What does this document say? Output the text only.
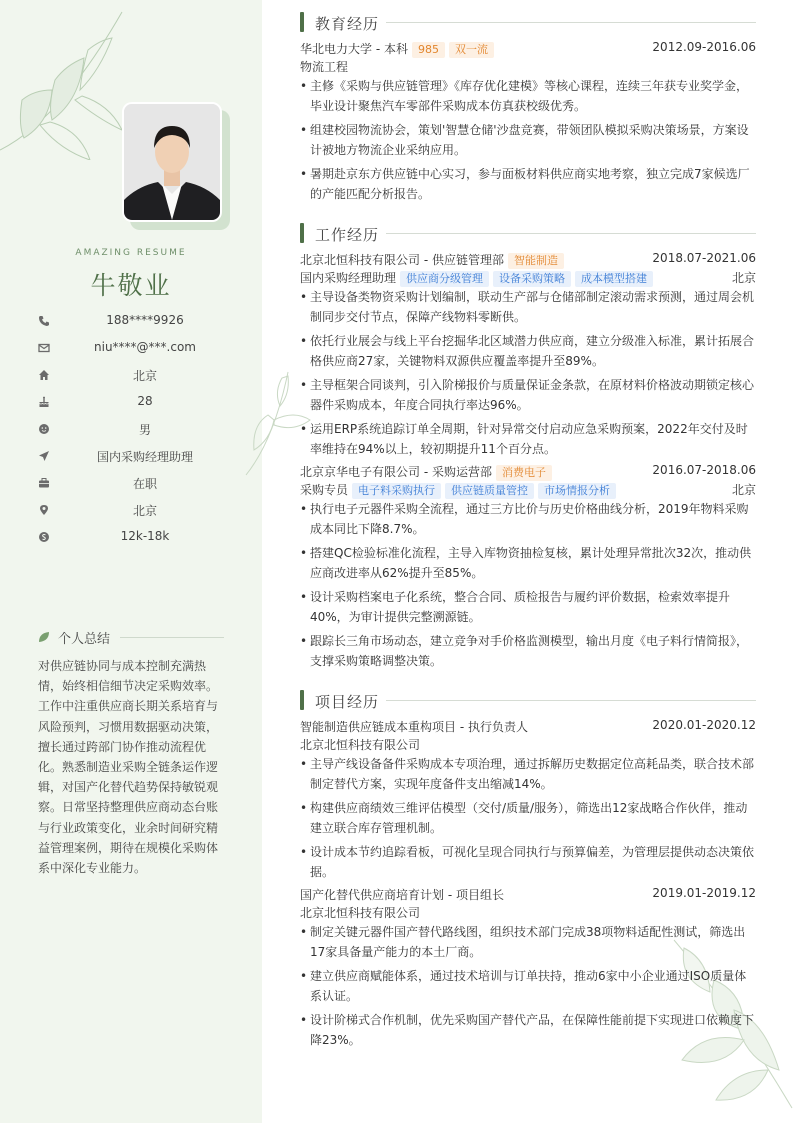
AMAZING RESUME
牛敬业
188****9926
niu****@***.com
北京
28
男
国内采购经理助理
在职
北京
12k-18k
个人总结
对供应链协同与成本控制充满热情，始终相信细节决定采购效率。工作中注重供应商长期关系培育与风险预判，习惯用数据驱动决策，擅长通过跨部门协作推动流程优化。熟悉制造业采购全链条运作逻辑，对国产化替代趋势保持敏锐观察。日常坚持整理供应商动态台账与行业政策变化，业余时间研究精益管理案例，期待在规模化采购体系中深化专业能力。
教育经历
华北电力大学 - 本科 985 双一流	2012.09-2016.06
物流工程
• 主修《采购与供应链管理》《库存优化建模》等核心课程，连续三年获专业奖学金，毕业设计聚焦汽车零部件采购成本仿真获校级优秀。
• 组建校园物流协会，策划'智慧仓储'沙盘竞赛，带领团队模拟采购决策场景，方案设计被地方物流企业采纳应用。
• 暑期赴京东方供应链中心实习，参与面板材料供应商实地考察，独立完成7家候选厂的产能匹配分析报告。
工作经历
北京北恒科技有限公司 - 供应链管理部 智能制造	2018.07-2021.06
国内采购经理助理 供应商分级管理 设备采购策略 成本模型搭建	北京
• 主导设备类物资采购计划编制，联动生产部与仓储部制定滚动需求预测，通过周会机制同步交付节点，保障产线物料零断供。
• 依托行业展会与线上平台挖掘华北区域潜力供应商，建立分级准入标准，累计拓展合格供应商27家，关键物料双源供应覆盖率提升至89%。
• 主导框架合同谈判，引入阶梯报价与质量保证金条款，在原材料价格波动期锁定核心器件采购成本，年度合同执行率达96%。
• 运用ERP系统追踪订单全周期，针对异常交付启动应急采购预案，2022年交付及时率维持在94%以上，较初期提升11个百分点。
北京京华电子有限公司 - 采购运营部 消费电子	2016.07-2018.06
采购专员 电子料采购执行 供应链质量管控 市场情报分析	北京
• 执行电子元器件采购全流程，通过三方比价与历史价格曲线分析，2019年物料采购成本同比下降8.7%。
• 搭建QC检验标准化流程，主导入库物资抽检复核，累计处理异常批次32次，推动供应商改进率从62%提升至85%。
• 设计采购档案电子化系统，整合合同、质检报告与履约评价数据，检索效率提升40%，为审计提供完整溯源链。
• 跟踪长三角市场动态，建立竞争对手价格监测模型，输出月度《电子料行情简报》，支撑采购策略调整决策。
项目经历
智能制造供应链成本重构项目 - 执行负责人	2020.01-2020.12
北京北恒科技有限公司
• 主导产线设备备件采购成本专项治理，通过拆解历史数据定位高耗品类，联合技术部制定替代方案，实现年度备件支出缩减14%。
• 构建供应商绩效三维评估模型（交付/质量/服务），筛选出12家战略合作伙伴，推动建立联合库存管理机制。
• 设计成本节约追踪看板，可视化呈现合同执行与预算偏差，为管理层提供动态决策依据。
国产化替代供应商培育计划 - 项目组长	2019.01-2019.12
北京北恒科技有限公司
• 制定关键元器件国产替代路线图，组织技术部门完成38项物料适配性测试，筛选出17家具备量产能力的本土厂商。
• 建立供应商赋能体系，通过技术培训与订单扶持，推动6家中小企业通过ISO质量体系认证。
• 设计阶梯式合作机制，优先采购国产替代产品，在保障性能前提下实现进口依赖度下降23%。
